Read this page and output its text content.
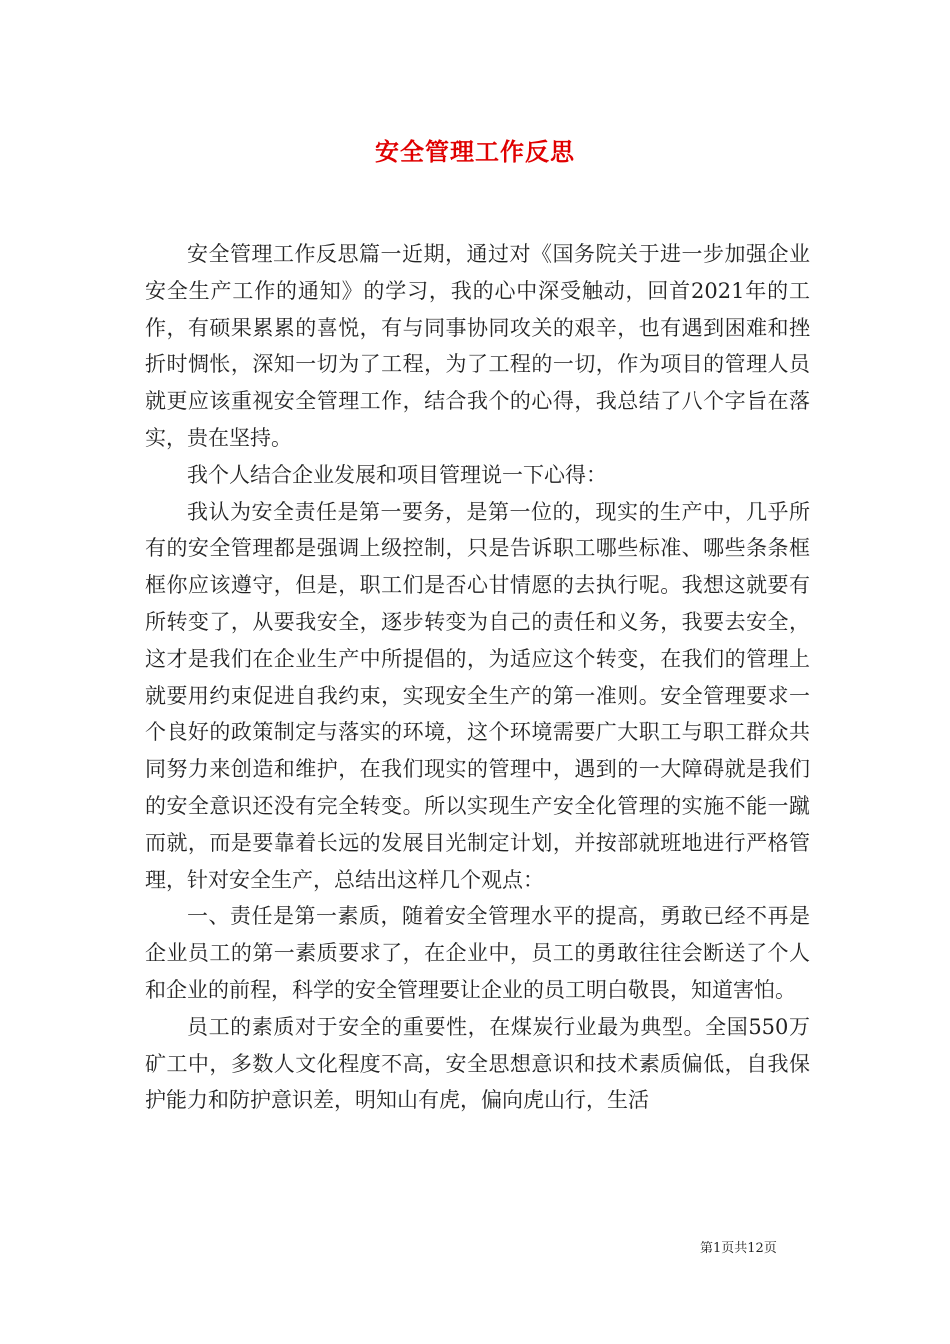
安全管理工作反思

安全管理工作反思篇一近期，通过对《国务院关于进一步加强企业安全生产工作的通知》的学习，我的心中深受触动，回首2021年的工作，有硕果累累的喜悦，有与同事协同攻关的艰辛，也有遇到困难和挫折时惆怅，深知一切为了工程，为了工程的一切，作为项目的管理人员就更应该重视安全管理工作，结合我个的心得，我总结了八个字旨在落实，贵在坚持。

我个人结合企业发展和项目管理说一下心得：

我认为安全责任是第一要务，是第一位的，现实的生产中，几乎所有的安全管理都是强调上级控制，只是告诉职工哪些标准、哪些条条框框你应该遵守，但是，职工们是否心甘情愿的去执行呢。我想这就要有所转变了，从要我安全，逐步转变为自己的责任和义务，我要去安全，这才是我们在企业生产中所提倡的，为适应这个转变，在我们的管理上就要用约束促进自我约束，实现安全生产的第一准则。安全管理要求一个良好的政策制定与落实的环境，这个环境需要广大职工与职工群众共同努力来创造和维护，在我们现实的管理中，遇到的一大障碍就是我们的安全意识还没有完全转变。所以实现生产安全化管理的实施不能一蹴而就，而是要靠着长远的发展目光制定计划，并按部就班地进行严格管理，针对安全生产，总结出这样几个观点：

一、责任是第一素质，随着安全管理水平的提高，勇敢已经不再是企业员工的第一素质要求了，在企业中，员工的勇敢往往会断送了个人和企业的前程，科学的安全管理要让企业的员工明白敬畏，知道害怕。

员工的素质对于安全的重要性，在煤炭行业最为典型。全国550万矿工中，多数人文化程度不高，安全思想意识和技术素质偏低，自我保护能力和防护意识差，明知山有虎，偏向虎山行，生活

第1页共12页
